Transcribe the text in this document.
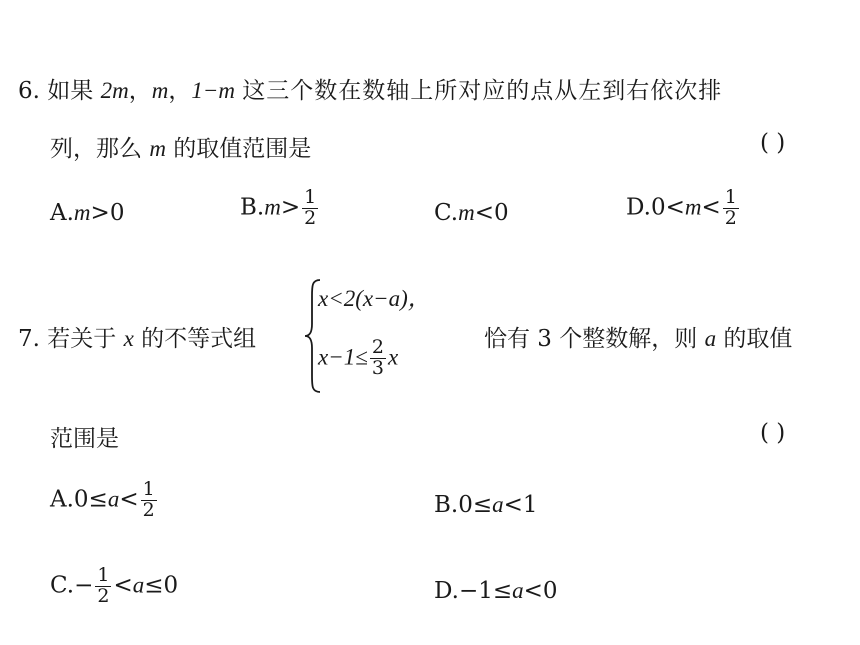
6. 如果 2m，m，1−m 这三个数在数轴上所对应的点从左到右依次排
列，那么 m 的取值范围是	( )
A.m>0	$B.m> \frac{1}{2}$	C.m<0	$D.0<m< \frac{1}{2}$
7. 若关于 x 的不等式组
x<2(x−a)，
$x-1\le \frac{2}{3}$ x
恰有 3 个整数解，则 a 的取值
范围是	( )
$A.0\le a< \frac{1}{2}$	B.0≤a<1
$C.- \frac{1}{2} <a\le 0$	D.−1≤a<0
